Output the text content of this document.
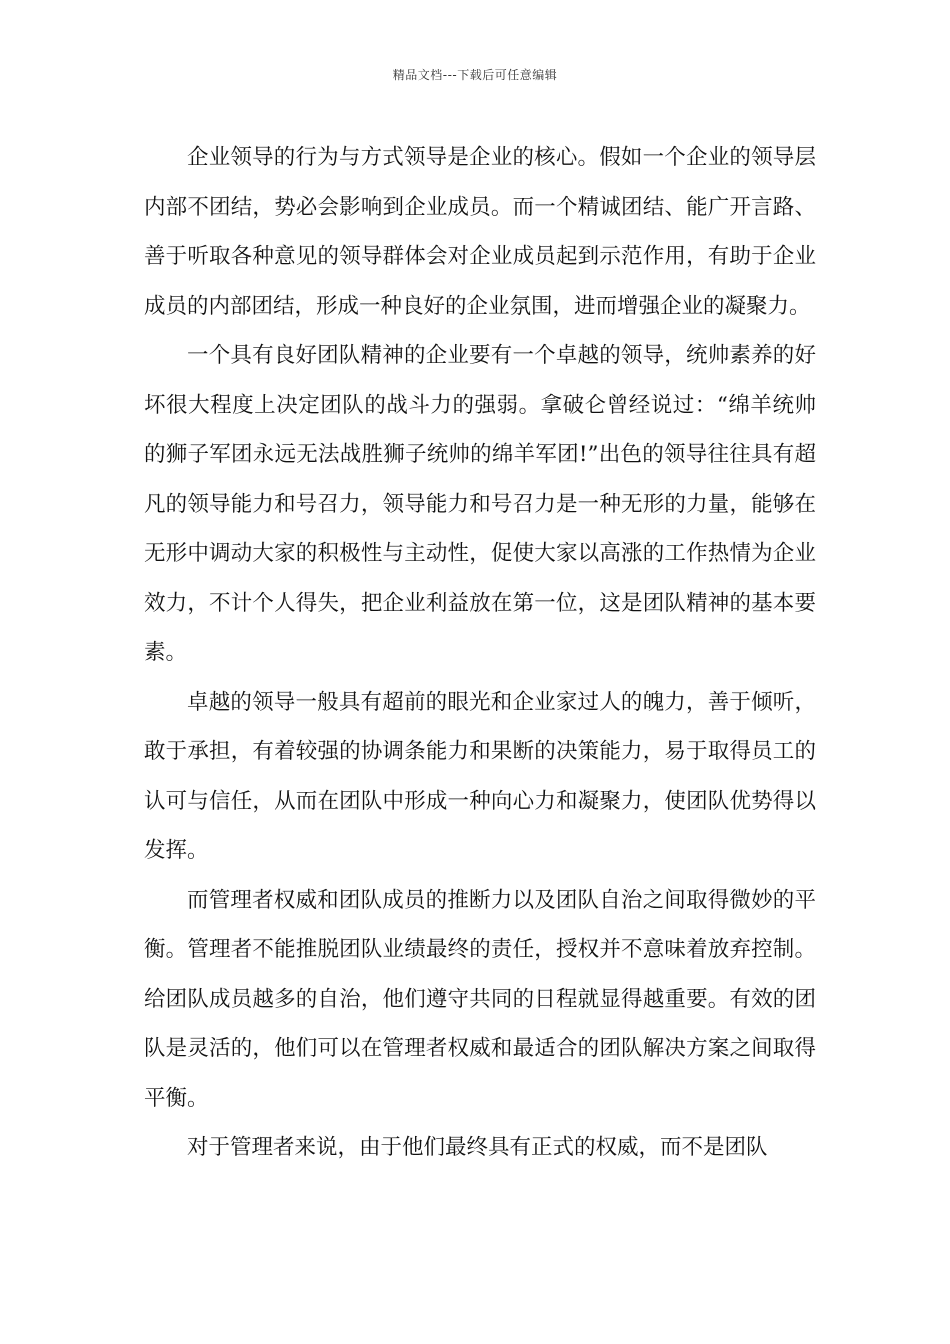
精品文档---下载后可任意编辑

企业领导的行为与方式领导是企业的核心。假如一个企业的领导层内部不团结，势必会影响到企业成员。而一个精诚团结、能广开言路、善于听取各种意见的领导群体会对企业成员起到示范作用，有助于企业成员的内部团结，形成一种良好的企业氛围，进而增强企业的凝聚力。

一个具有良好团队精神的企业要有一个卓越的领导，统帅素养的好坏很大程度上决定团队的战斗力的强弱。拿破仑曾经说过：“绵羊统帅的狮子军团永远无法战胜狮子统帅的绵羊军团!”出色的领导往往具有超凡的领导能力和号召力，领导能力和号召力是一种无形的力量，能够在无形中调动大家的积极性与主动性，促使大家以高涨的工作热情为企业效力，不计个人得失，把企业利益放在第一位，这是团队精神的基本要素。

卓越的领导一般具有超前的眼光和企业家过人的魄力，善于倾听，敢于承担，有着较强的协调条能力和果断的决策能力，易于取得员工的认可与信任，从而在团队中形成一种向心力和凝聚力，使团队优势得以发挥。

而管理者权威和团队成员的推断力以及团队自治之间取得微妙的平衡。管理者不能推脱团队业绩最终的责任，授权并不意味着放弃控制。给团队成员越多的自治，他们遵守共同的日程就显得越重要。有效的团队是灵活的，他们可以在管理者权威和最适合的团队解决方案之间取得平衡。

对于管理者来说，由于他们最终具有正式的权威，而不是团队
